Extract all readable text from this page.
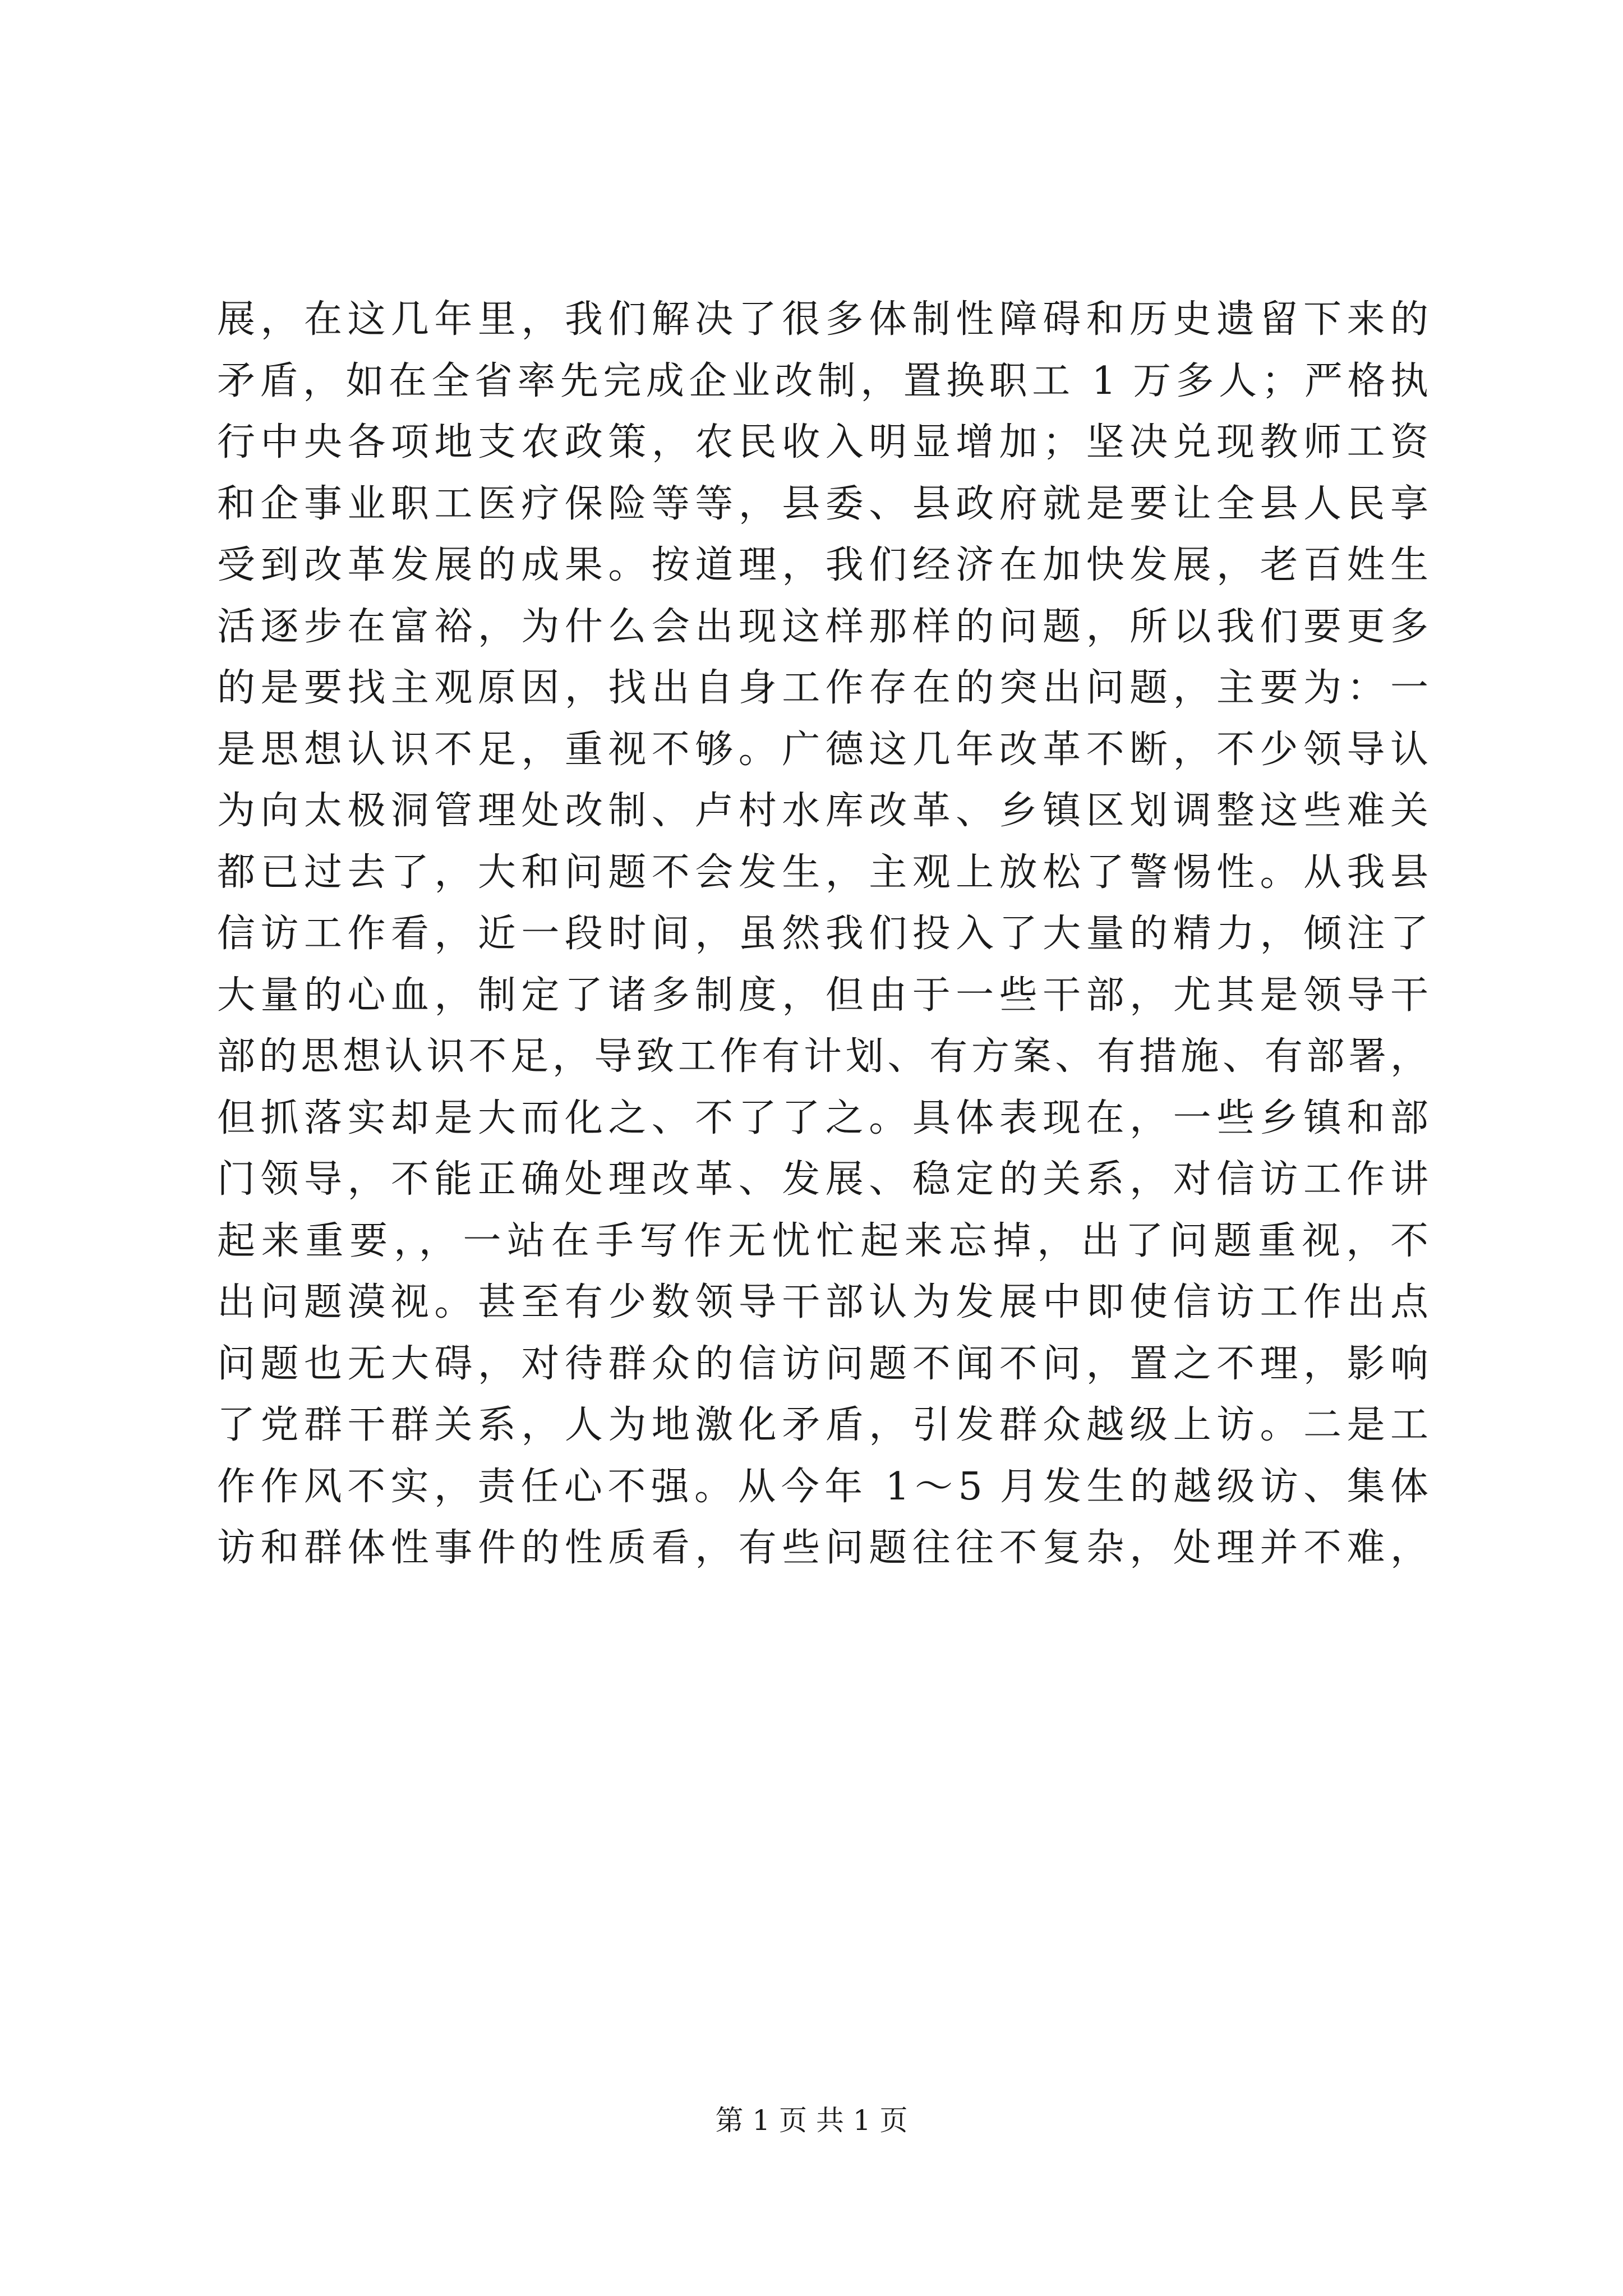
展，在这几年里，我们解决了很多体制性障碍和历史遗留下来的
矛盾，如在全省率先完成企业改制，置换职工 1 万多人；严格执
行中央各项地支农政策，农民收入明显增加；坚决兑现教师工资
和企事业职工医疗保险等等，县委、县政府就是要让全县人民享
受到改革发展的成果。按道理，我们经济在加快发展，老百姓生
活逐步在富裕，为什么会出现这样那样的问题，所以我们要更多
的是要找主观原因，找出自身工作存在的突出问题，主要为：一
是思想认识不足，重视不够。广德这几年改革不断，不少领导认
为向太极洞管理处改制、卢村水库改革、乡镇区划调整这些难关
都已过去了，大和问题不会发生，主观上放松了警惕性。从我县
信访工作看，近一段时间，虽然我们投入了大量的精力，倾注了
大量的心血，制定了诸多制度，但由于一些干部，尤其是领导干
部的思想认识不足，导致工作有计划、有方案、有措施、有部署，
但抓落实却是大而化之、不了了之。具体表现在，一些乡镇和部
门领导，不能正确处理改革、发展、稳定的关系，对信访工作讲
起来重要，，一站在手写作无忧忙起来忘掉，出了问题重视，不
出问题漠视。甚至有少数领导干部认为发展中即使信访工作出点
问题也无大碍，对待群众的信访问题不闻不问，置之不理，影响
了党群干群关系，人为地激化矛盾，引发群众越级上访。二是工
作作风不实，责任心不强。从今年 1～5 月发生的越级访、集体
访和群体性事件的性质看，有些问题往往不复杂，处理并不难，
第 1 页 共 1 页
